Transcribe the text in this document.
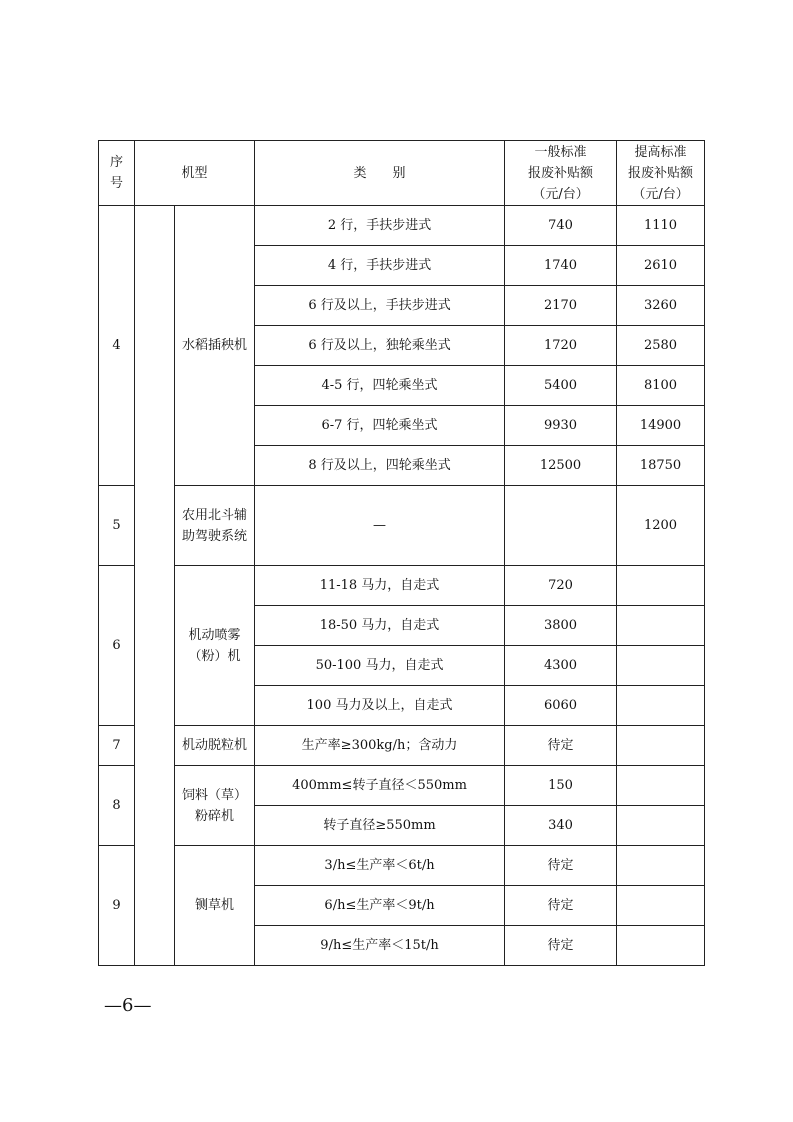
序
号	机型		类　　别	一般标准
报废补贴额
（元/台）	提高标准
报废补贴额
（元/台）
4		水稻插秧机	2 行，手扶步进式	740	1110
			4 行，手扶步进式	1740	2610
			6 行及以上，手扶步进式	2170	3260
			6 行及以上，独轮乘坐式	1720	2580
			4-5 行，四轮乘坐式	5400	8100
			6-7 行，四轮乘坐式	9930	14900
			8 行及以上，四轮乘坐式	12500	18750
5		农用北斗辅
助驾驶系统	—		1200
6		机动喷雾
（粉）机	11-18 马力，自走式	720	
			18-50 马力，自走式	3800	
			50-100 马力，自走式	4300	
			100 马力及以上，自走式	6060	
7		机动脱粒机	生产率≥300kg/h；含动力	待定	
8		饲料（草）
粉碎机	400mm≤转子直径＜550mm	150	
			转子直径≥550mm	340	
9		铡草机	3/h≤生产率＜6t/h	待定	
			6/h≤生产率＜9t/h	待定	
			9/h≤生产率＜15t/h	待定	
—6—
